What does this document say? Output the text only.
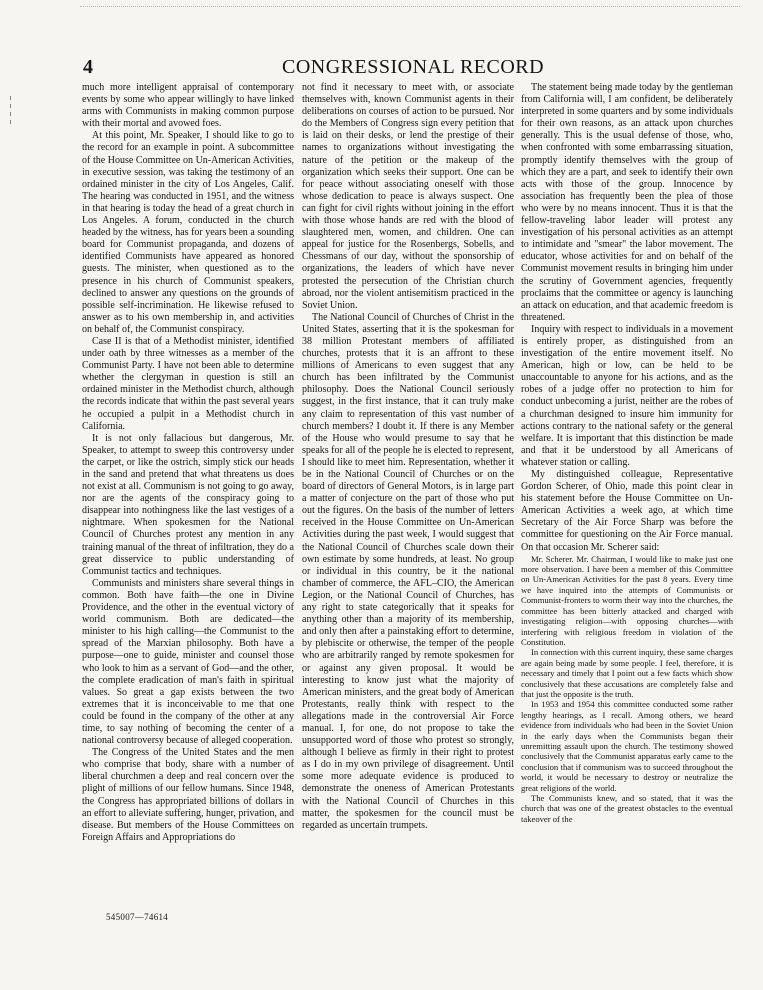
4	CONGRESSIONAL RECORD

much more intelligent appraisal of contemporary events by some who appear willingly to have linked arms with Communists in making common purpose with their mortal and avowed foes.

At this point, Mr. Speaker, I should like to go to the record for an example in point. A subcommittee of the House Committee on Un-American Activities, in executive session, was taking the testimony of an ordained minister in the city of Los Angeles, Calif. The hearing was conducted in 1951, and the witness in that hearing is today the head of a great church in Los Angeles. A forum, conducted in the church headed by the witness, has for years been a sounding board for Communist propaganda, and dozens of identified Communists have appeared as honored guests. The minister, when questioned as to the presence in his church of Communist speakers, declined to answer any questions on the grounds of possible self-incrimination. He likewise refused to answer as to his own membership in, and activities on behalf of, the Communist conspiracy.

Case II is that of a Methodist minister, identified under oath by three witnesses as a member of the Communist Party. I have not been able to determine whether the clergyman in question is still an ordained minister in the Methodist church, although the records indicate that within the past several years he occupied a pulpit in a Methodist church in California.

It is not only fallacious but dangerous, Mr. Speaker, to attempt to sweep this controversy under the carpet, or like the ostrich, simply stick our heads in the sand and pretend that what threatens us does not exist at all. Communism is not going to go away, nor are the agents of the conspiracy going to disappear into nothingness like the last vestiges of a nightmare. When spokesmen for the National Council of Churches protest any mention in any training manual of the threat of infiltration, they do a great disservice to public understanding of Communist tactics and techniques.

Communists and ministers share several things in common. Both have faith—the one in Divine Providence, and the other in the eventual victory of world communism. Both are dedicated—the minister to his high calling—the Communist to the spread of the Marxian philosophy. Both have a purpose—one to guide, minister and counsel those who look to him as a servant of God—and the other, the complete eradication of man's faith in spiritual values. So great a gap exists between the two extremes that it is inconceivable to me that one could be found in the company of the other at any time, to say nothing of becoming the center of a national controversy because of alleged cooperation.

The Congress of the United States and the men who comprise that body, share with a number of liberal churchmen a deep and real concern over the plight of millions of our fellow humans. Since 1948, the Congress has appropriated billions of dollars in an effort to alleviate suffering, hunger, privation, and disease. But members of the House Committees on Foreign Affairs and Appropriations do

not find it necessary to meet with, or associate themselves with, known Communist agents in their deliberations on courses of action to be pursued. Nor do the Members of Congress sign every petition that is laid on their desks, or lend the prestige of their names to organizations without investigating the nature of the petition or the makeup of the organization which seeks their support. One can be for peace without associating oneself with those whose dedication to peace is always suspect. One can fight for civil rights without joining in the effort with those whose hands are red with the blood of slaughtered men, women, and children. One can appeal for justice for the Rosenbergs, Sobells, and Chessmans of our day, without the sponsorship of organizations, the leaders of which have never protested the persecution of the Christian church abroad, nor the violent antisemitism practiced in the Soviet Union.

The National Council of Churches of Christ in the United States, asserting that it is the spokesman for 38 million Protestant members of affiliated churches, protests that it is an affront to these millions of Americans to even suggest that any church has been infiltrated by the Communist philosophy. Does the National Council seriously suggest, in the first instance, that it can truly make any claim to representation of this vast number of church members? I doubt it. If there is any Member of the House who would presume to say that he speaks for all of the people he is elected to represent, I should like to meet him. Representation, whether it be in the National Council of Churches or on the board of directors of General Motors, is in large part a matter of conjecture on the part of those who put out the figures. On the basis of the number of letters received in the House Committee on Un-American Activities during the past week, I would suggest that the National Council of Churches scale down their own estimate by some hundreds, at least. No group or individual in this country, be it the national chamber of commerce, the AFL–CIO, the American Legion, or the National Council of Churches, has any right to state categorically that it speaks for anything other than a majority of its membership, and only then after a painstaking effort to determine, by plebiscite or otherwise, the temper of the people who are arbitrarily ranged by remote spokesmen for or against any given proposal. It would be interesting to know just what the majority of American ministers, and the great body of American Protestants, really think with respect to the allegations made in the controversial Air Force manual. I, for one, do not propose to take the unsupported word of those who protest so strongly, although I believe as firmly in their right to protest as I do in my own privilege of disagreement. Until some more adequate evidence is produced to demonstrate the oneness of American Protestants with the National Council of Churches in this matter, the spokesmen for the council must be regarded as uncertain trumpets.

The statement being made today by the gentleman from California will, I am confident, be deliberately interpreted in some quarters and by some individuals for their own reasons, as an attack upon churches generally. This is the usual defense of those, who, when confronted with some embarrassing situation, promptly identify themselves with the group of which they are a part, and seek to identify their own acts with those of the group. Innocence by association has frequently been the plea of those who were by no means innocent. Thus it is that the fellow-traveling labor leader will protest any investigation of his personal activities as an attempt to intimidate and "smear" the labor movement. The educator, whose activities for and on behalf of the Communist movement results in bringing him under the scrutiny of Government agencies, frequently proclaims that the committee or agency is launching an attack on education, and that academic freedom is threatened.

Inquiry with respect to individuals in a movement is entirely proper, as distinguished from an investigation of the entire movement itself. No American, high or low, can be held to be unaccountable to anyone for his actions, and as the robes of a judge offer no protection to him for conduct unbecoming a jurist, neither are the robes of a churchman designed to insure him immunity for actions contrary to the national safety or the general welfare. It is important that this distinction be made and that it be understood by all Americans of whatever station or calling.

My distinguished colleague, Representative Gordon Scherer, of Ohio, made this point clear in his statement before the House Committee on Un-American Activities a week ago, at which time Secretary of the Air Force Sharp was before the committee for questioning on the Air Force manual. On that occasion Mr. Scherer said:

Mr. Scherer. Mr. Chairman, I would like to make just one more observation. I have been a member of this Committee on Un-American Activities for the past 8 years. Every time we have inquired into the attempts of Communists or Communist-fronters to worm their way into the churches, the committee has been bitterly attacked and charged with investigating religion—with opposing churches—with interfering with religious freedom in violation of the Constitution.

In connection with this current inquiry, these same charges are again being made by some people. I feel, therefore, it is necessary and timely that I point out a few facts which show conclusively that these accusations are completely false and that just the opposite is the truth.

In 1953 and 1954 this committee conducted some rather lengthy hearings, as I recall. Among others, we heard evidence from individuals who had been in the Soviet Union in the early days when the Communists began their unremitting assault upon the church. The testimony showed conclusively that the Communist apparatus early came to the conclusion that if communism was to succeed throughout the world, it would be necessary to destroy or neutralize the great religions of the world.

The Communists knew, and so stated, that it was the church that was one of the greatest obstacles to the eventual takeover of the

545007—74614
